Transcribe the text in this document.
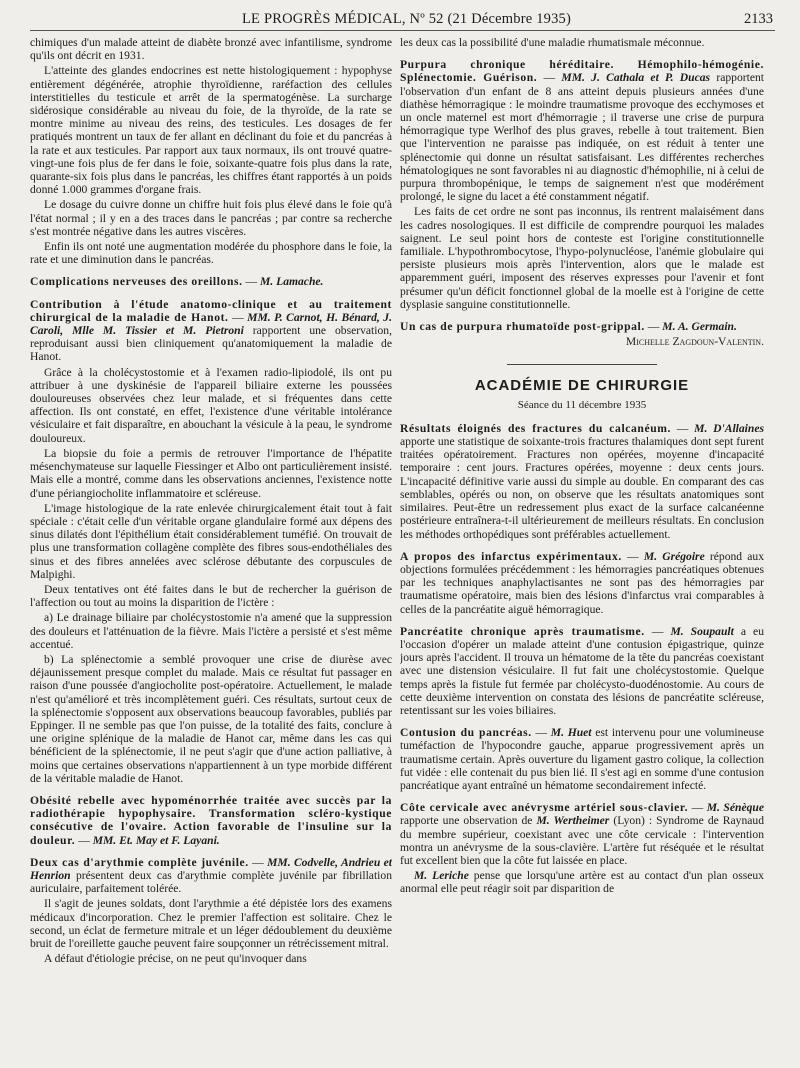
LE PROGRÈS MÉDICAL, Nº 52 (21 Décembre 1935)	2133

chimiques d'un malade atteint de diabète bronzé avec infantilisme, syndrome qu'ils ont décrit en 1931.

L'atteinte des glandes endocrines est nette histologiquement : hypophyse entièrement dégénérée, atrophie thyroïdienne, raréfaction des cellules interstitielles du testicule et arrêt de la spermatogénèse. La surcharge sidérosique considérable au niveau du foie, de la thyroïde, de la rate se montre minime au niveau des reins, des testicules. Les dosages de fer pratiqués montrent un taux de fer allant en déclinant du foie et du pancréas à la rate et aux testicules. Par rapport aux taux normaux, ils ont trouvé quatre-vingt-une fois plus de fer dans le foie, soixante-quatre fois plus dans la rate, quarante-six fois plus dans le pancréas, les chiffres étant rapportés à un poids donné 1.000 grammes d'organe frais.

Le dosage du cuivre donne un chiffre huit fois plus élevé dans le foie qu'à l'état normal ; il y en a des traces dans le pancréas ; par contre sa recherche s'est montrée négative dans les autres viscères.

Enfin ils ont noté une augmentation modérée du phosphore dans le foie, la rate et une diminution dans le pancréas.

Complications nerveuses des oreillons. — M. Lamache.

Contribution à l'étude anatomo-clinique et au traitement chirurgical de la maladie de Hanot. — MM. P. Carnot, H. Bénard, J. Caroli, Mlle M. Tissier et M. Pietroni rapportent une observation, reproduisant aussi bien cliniquement qu'anatomiquement la maladie de Hanot.

Grâce à la cholécystostomie et à l'examen radio-lipiodolé, ils ont pu attribuer à une dyskinésie de l'appareil biliaire externe les poussées douloureuses observées chez leur malade, et si fréquentes dans cette affection. Ils ont constaté, en effet, l'existence d'une véritable intolérance vésiculaire et fait disparaître, en abouchant la vésicule à la peau, le syndrome douloureux.

La biopsie du foie a permis de retrouver l'importance de l'hépatite mésenchymateuse sur laquelle Fiessinger et Albo ont particulièrement insisté. Mais elle a montré, comme dans les observations anciennes, l'existence notte d'une périangiocholite inflammatoire et scléreuse.

L'image histologique de la rate enlevée chirurgicalement était tout à fait spéciale : c'était celle d'un véritable organe glandulaire formé aux dépens des sinus dilatés dont l'épithélium était considérablement tuméfié. On trouvait de plus une transformation collagène complète des fibres sous-endothéliales des sinus et des fibres annelées avec sclérose débutante des corpuscules de Malpighi.

Deux tentatives ont été faites dans le but de rechercher la guérison de l'affection ou tout au moins la disparition de l'ictère :

a) Le drainage biliaire par cholécystostomie n'a amené que la suppression des douleurs et l'atténuation de la fièvre. Mais l'ictère a persisté et s'est même accentué.

b) La splénectomie a semblé provoquer une crise de diurèse avec déjaunissement presque complet du malade. Mais ce résultat fut passager en raison d'une poussée d'angiocholite post-opératoire. Actuellement, le malade n'est qu'amélioré et très incomplètement guéri. Ces résultats, surtout ceux de la splénectomie s'opposent aux observations beaucoup favorables, publiés par Eppinger. Il ne semble pas que l'on puisse, de la totalité des faits, conclure à une origine splénique de la maladie de Hanot car, même dans les cas qui bénéficient de la splénectomie, il ne peut s'agir que d'une action palliative, à moins que certaines observations n'appartiennent à un type morbide différent de la véritable maladie de Hanot.

Obésité rebelle avec hypoménorrhée traitée avec succès par la radiothérapie hypophysaire. Transformation scléro-kystique consécutive de l'ovaire. Action favorable de l'insuline sur la douleur. — MM. Et. May et F. Layani.

Deux cas d'arythmie complète juvénile. — MM. Codvelle, Andrieu et Henrion présentent deux cas d'arythmie complète juvénile par fibrillation auriculaire, parfaitement tolérée.

Il s'agit de jeunes soldats, dont l'arythmie a été dépistée lors des examens médicaux d'incorporation. Chez le premier l'affection est solitaire. Chez le second, un éclat de fermeture mitrale et un léger dédoublement du deuxième bruit de l'oreillette gauche peuvent faire soupçonner un rétrécissement mitral.

A défaut d'étiologie précise, on ne peut qu'invoquer dans

les deux cas la possibilité d'une maladie rhumatismale méconnue.

Purpura chronique héréditaire. Hémophilo-hémogénie. Splénectomie. Guérison. — MM. J. Cathala et P. Ducas rapportent l'observation d'un enfant de 8 ans atteint depuis plusieurs années d'une diathèse hémorragique : le moindre traumatisme provoque des ecchymoses et un oncle maternel est mort d'hémorragie ; il traverse une crise de purpura hémorragique type Werlhof des plus graves, rebelle à tout traitement. Bien que l'intervention ne paraisse pas indiquée, on est réduit à tenter une splénectomie qui donne un résultat satisfaisant. Les différentes recherches hématologiques ne sont favorables ni au diagnostic d'hémophilie, ni à celui de purpura thrombopénique, le temps de saignement n'est que modérément prolongé, le signe du lacet a été constamment négatif.

Les faits de cet ordre ne sont pas inconnus, ils rentrent malaisément dans les cadres nosologiques. Il est difficile de comprendre pourquoi les malades saignent. Le seul point hors de conteste est l'origine constitutionnelle familiale. L'hypothrombocytose, l'hypo-polynucléose, l'anémie globulaire qui persiste plusieurs mois après l'intervention, alors que le malade est apparemment guéri, imposent des réserves expresses pour l'avenir et font présumer qu'un déficit fonctionnel global de la moelle est à l'origine de cette dysplasie sanguine constitutionnelle.

Un cas de purpura rhumatoïde post-grippal. — M. A. Germain.

Michelle Zagdoun-Valentin.

ACADÉMIE DE CHIRURGIE
Séance du 11 décembre 1935

Résultats éloignés des fractures du calcanéum. — M. D'Allaines apporte une statistique de soixante-trois fractures thalamiques dont sept furent traitées opératoirement. Fractures non opérées, moyenne d'incapacité temporaire : cent jours. Fractures opérées, moyenne : deux cents jours. L'incapacité définitive varie aussi du simple au double. En comparant des cas semblables, opérés ou non, on observe que les résultats anatomiques sont similaires. Peut-être un redressement plus exact de la surface calcanéenne postérieure entraînera-t-il ultérieurement de meilleurs résultats. En conclusion les méthodes orthopédiques sont préférables actuellement.

A propos des infarctus expérimentaux. — M. Grégoire répond aux objections formulées précédemment : les hémorragies pancréatiques obtenues par les techniques anaphylactisantes ne sont pas des hémorragies par traumatisme opératoire, mais bien des lésions d'infarctus vrai comparables à celles de la pancréatite aiguë hémorragique.

Pancréatite chronique après traumatisme. — M. Soupault a eu l'occasion d'opérer un malade atteint d'une contusion épigastrique, quinze jours après l'accident. Il trouva un hématome de la tête du pancréas coexistant avec une distension vésiculaire. Il fut fait une cholécystostomie. Quelque temps après la fistule fut fermée par cholécysto-duodénostomie. Au cours de cette deuxième intervention on constata des lésions de pancréatite scléreuse, retentissant sur les voies biliaires.

Contusion du pancréas. — M. Huet est intervenu pour une volumineuse tuméfaction de l'hypocondre gauche, apparue progressivement après un traumatisme certain. Après ouverture du ligament gastro colique, la collection fut vidée : elle contenait du pus bien lié. Il s'est agi en somme d'une contusion pancréatique ayant entraîné un hématome secondairement infecté.

Côte cervicale avec anévrysme artériel sous-clavier. — M. Sénèque rapporte une observation de M. Wertheimer (Lyon) : Syndrome de Raynaud du membre supérieur, coexistant avec une côte cervicale : l'intervention montra un anévrysme de la sous-clavière. L'artère fut réséquée et le résultat fut excellent bien que la côte fut laissée en place.

M. Leriche pense que lorsqu'une artère est au contact d'un plan osseux anormal elle peut réagir soit par disparition de
